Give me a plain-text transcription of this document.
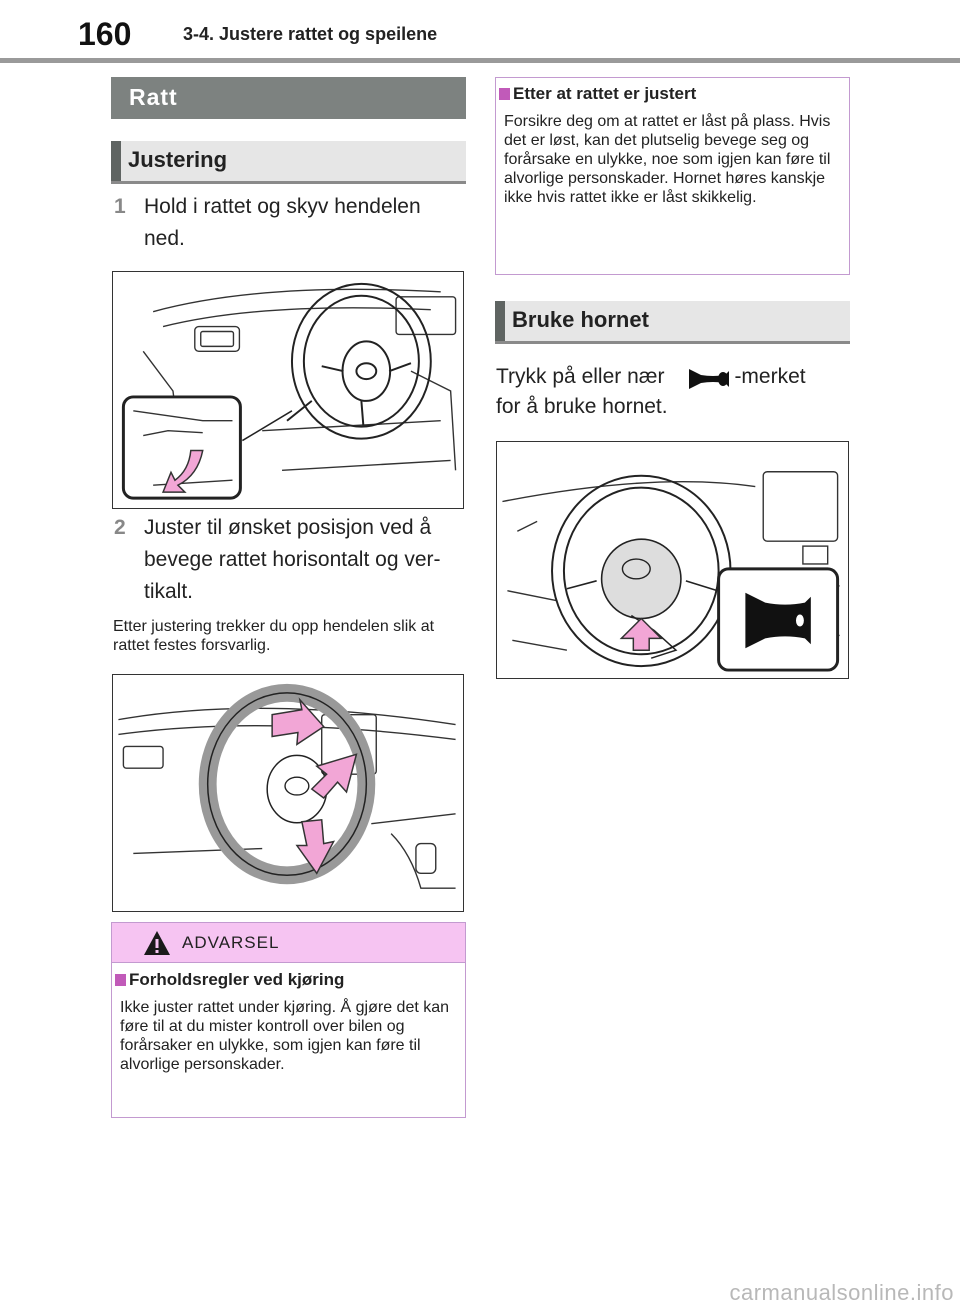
160	3-4. Justere rattet og speilene
Ratt
Justering
1 Hold i rattet og skyv hendelen ned.
2 Juster til ønsket posisjon ved å bevege rattet horisontalt og ver-tikalt.
Etter justering trekker du opp hendelen slik at rattet festes forsvarlig.
ADVARSEL
Forholdsregler ved kjøring
Ikke juster rattet under kjøring. Å gjøre det kan føre til at du mister kontroll over bilen og forårsaker en ulykke, som igjen kan føre til alvorlige personskader.
Etter at rattet er justert
Forsikre deg om at rattet er låst på plass. Hvis det er løst, kan det plutselig bevege seg og forårsake en ulykke, noe som igjen kan føre til alvorlige personskader. Hornet høres kanskje ikke hvis rattet ikke er låst skikkelig.
Bruke hornet
Trykk på eller nær	-merket
for å bruke hornet.
carmanualsonline.info
